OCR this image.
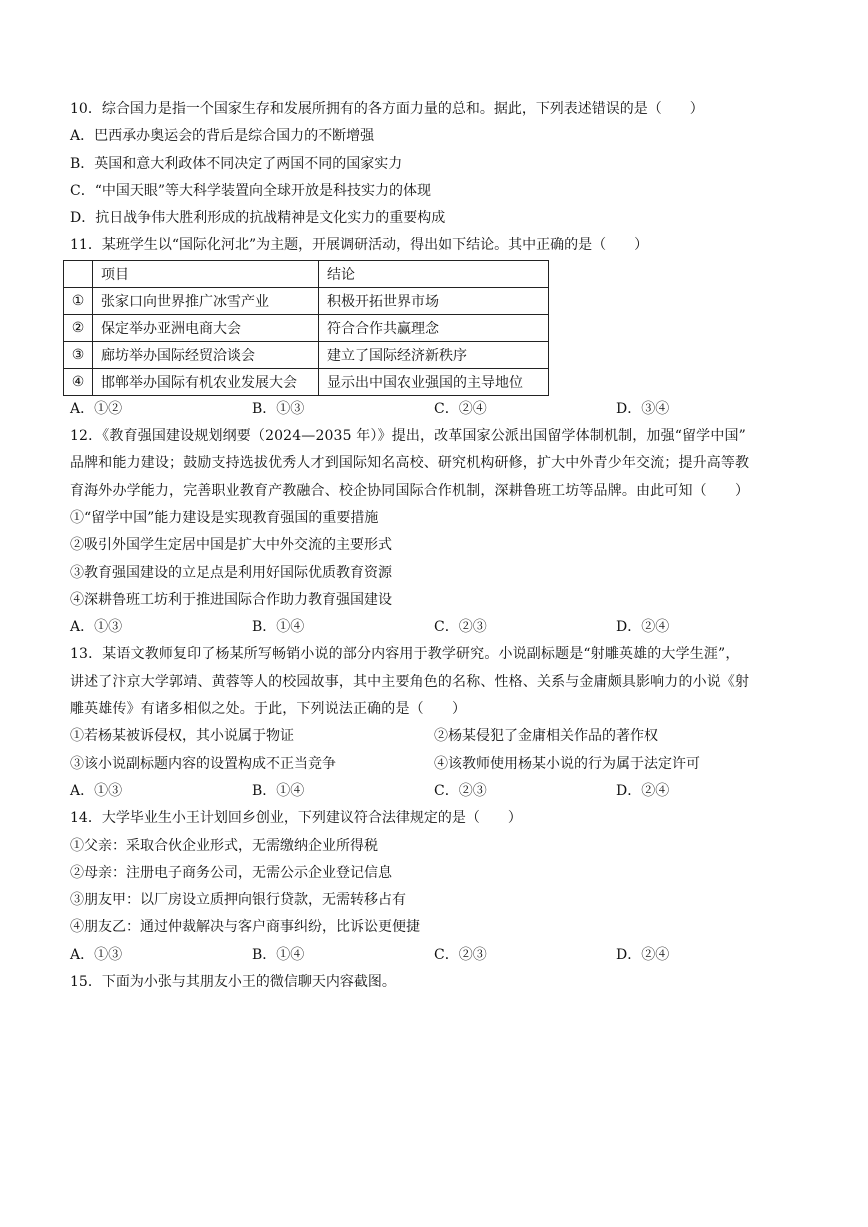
10．综合国力是指一个国家生存和发展所拥有的各方面力量的总和。据此，下列表述错误的是（　　）
A．巴西承办奥运会的背后是综合国力的不断增强
B．英国和意大利政体不同决定了两国不同的国家实力
C．“中国天眼”等大科学装置向全球开放是科技实力的体现
D．抗日战争伟大胜利形成的抗战精神是文化实力的重要构成
11．某班学生以“国际化河北”为主题，开展调研活动，得出如下结论。其中正确的是（　　）
	项目	结论
①	张家口向世界推广冰雪产业	积极开拓世界市场
②	保定举办亚洲电商大会	符合合作共赢理念
③	廊坊举办国际经贸洽谈会	建立了国际经济新秩序
④	邯郸举办国际有机农业发展大会	显示出中国农业强国的主导地位
A．①②	B．①③	C．②④	D．③④
12．《教育强国建设规划纲要（2024—2035 年）》提出，改革国家公派出国留学体制机制，加强“留学中国”
品牌和能力建设；鼓励支持选拔优秀人才到国际知名高校、研究机构研修，扩大中外青少年交流；提升高等教
育海外办学能力，完善职业教育产教融合、校企协同国际合作机制，深耕鲁班工坊等品牌。由此可知（　　）
①“留学中国”能力建设是实现教育强国的重要措施
②吸引外国学生定居中国是扩大中外交流的主要形式
③教育强国建设的立足点是利用好国际优质教育资源
④深耕鲁班工坊利于推进国际合作助力教育强国建设
A．①③	B．①④	C．②③	D．②④
13．某语文教师复印了杨某所写畅销小说的部分内容用于教学研究。小说副标题是“射雕英雄的大学生涯”，
讲述了汴京大学郭靖、黄蓉等人的校园故事，其中主要角色的名称、性格、关系与金庸颇具影响力的小说《射
雕英雄传》有诸多相似之处。于此，下列说法正确的是（　　）
①若杨某被诉侵权，其小说属于物证	②杨某侵犯了金庸相关作品的著作权
③该小说副标题内容的设置构成不正当竞争	④该教师使用杨某小说的行为属于法定许可
A．①③	B．①④	C．②③	D．②④
14．大学毕业生小王计划回乡创业，下列建议符合法律规定的是（　　）
①父亲：采取合伙企业形式，无需缴纳企业所得税
②母亲：注册电子商务公司，无需公示企业登记信息
③朋友甲：以厂房设立质押向银行贷款，无需转移占有
④朋友乙：通过仲裁解决与客户商事纠纷，比诉讼更便捷
A．①③	B．①④	C．②③	D．②④
15．下面为小张与其朋友小王的微信聊天内容截图。
